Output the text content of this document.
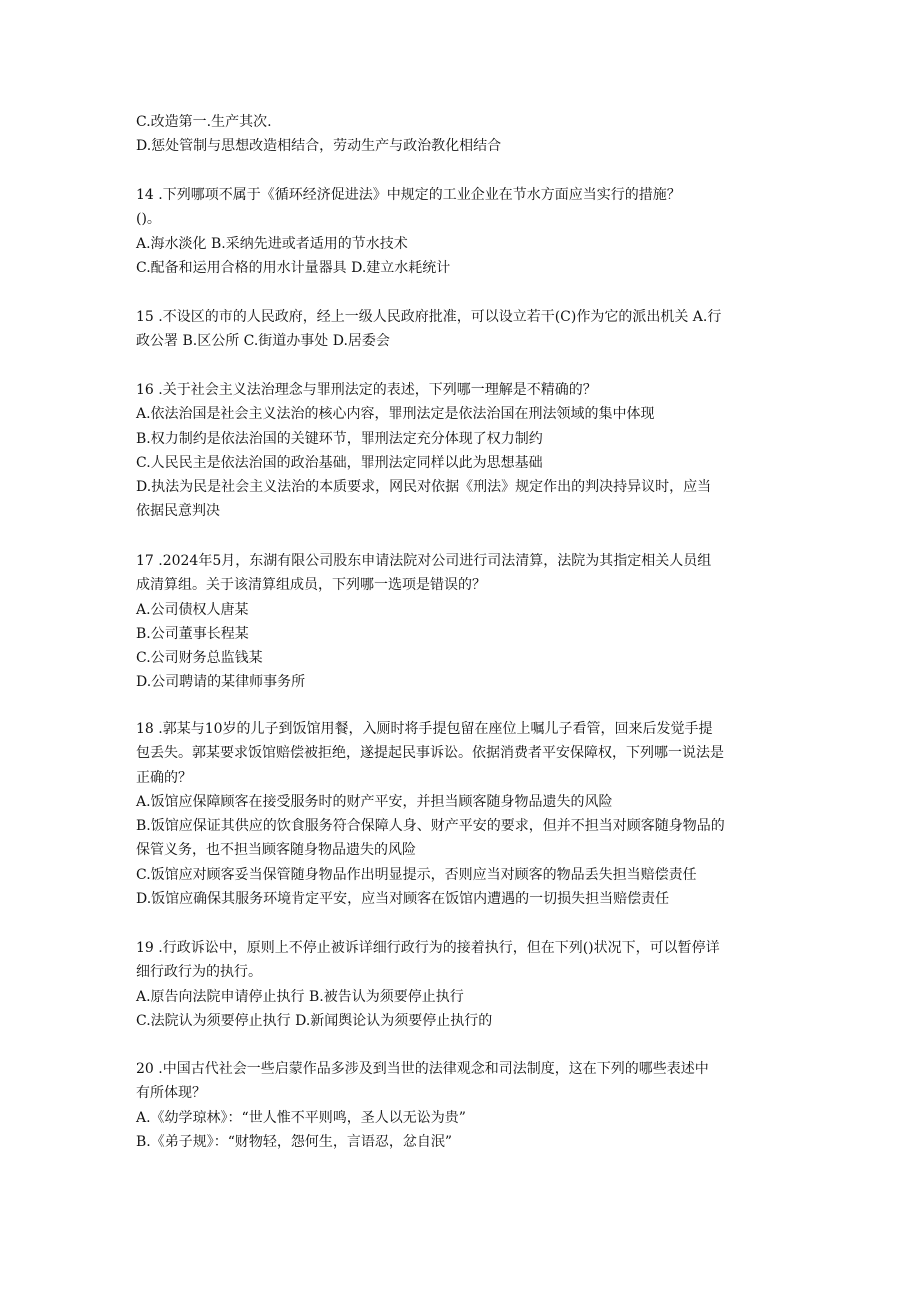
C.改造第一.生产其次.
D.惩处管制与思想改造相结合，劳动生产与政治教化相结合
14 .下列哪项不属于《循环经济促进法》中规定的工业企业在节水方面应当实行的措施？
()。
A.海水淡化 B.采纳先进或者适用的节水技术
C.配备和运用合格的用水计量器具 D.建立水耗统计
15 .不设区的市的人民政府，经上一级人民政府批准，可以设立若干(C)作为它的派出机关 A.行
政公署 B.区公所 C.街道办事处 D.居委会
16 .关于社会主义法治理念与罪刑法定的表述，下列哪一理解是不精确的？
A.依法治国是社会主义法治的核心内容，罪刑法定是依法治国在刑法领域的集中体现
B.权力制约是依法治国的关键环节，罪刑法定充分体现了权力制约
C.人民民主是依法治国的政治基础，罪刑法定同样以此为思想基础
D.执法为民是社会主义法治的本质要求，网民对依据《刑法》规定作出的判决持异议时，应当
依据民意判决
17 .2024年5月，东湖有限公司股东申请法院对公司进行司法清算，法院为其指定相关人员组
成清算组。关于该清算组成员，下列哪一选项是错误的？
A.公司债权人唐某
B.公司董事长程某
C.公司财务总监钱某
D.公司聘请的某律师事务所
18 .郭某与10岁的儿子到饭馆用餐，入厕时将手提包留在座位上嘱儿子看管，回来后发觉手提
包丢失。郭某要求饭馆赔偿被拒绝，遂提起民事诉讼。依据消费者平安保障权，下列哪一说法是
正确的？
A.饭馆应保障顾客在接受服务时的财产平安，并担当顾客随身物品遗失的风险
B.饭馆应保证其供应的饮食服务符合保障人身、财产平安的要求，但并不担当对顾客随身物品的
保管义务，也不担当顾客随身物品遗失的风险
C.饭馆应对顾客妥当保管随身物品作出明显提示，否则应当对顾客的物品丢失担当赔偿责任
D.饭馆应确保其服务环境肯定平安，应当对顾客在饭馆内遭遇的一切损失担当赔偿责任
19 .行政诉讼中，原则上不停止被诉详细行政行为的接着执行，但在下列()状况下，可以暂停详
细行政行为的执行。
A.原告向法院申请停止执行 B.被告认为须要停止执行
C.法院认为须要停止执行 D.新闻舆论认为须要停止执行的
20 .中国古代社会一些启蒙作品多涉及到当世的法律观念和司法制度，这在下列的哪些表述中
有所体现？
A.《幼学琼林》：“世人惟不平则鸣，圣人以无讼为贵”
B.《弟子规》：“财物轻，怨何生，言语忍，忿自泯”
